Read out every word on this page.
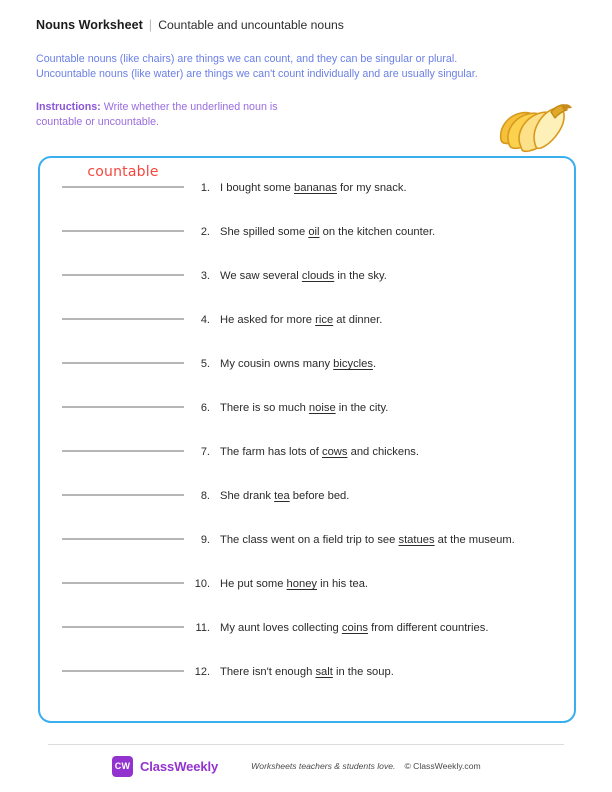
Nouns Worksheet | Countable and uncountable nouns
Countable nouns (like chairs) are things we can count, and they can be singular or plural.
Uncountable nouns (like water) are things we can't count individually and are usually singular.
Instructions: Write whether the underlined noun is
countable or uncountable.
countable
1. I bought some bananas for my snack.
2. She spilled some oil on the kitchen counter.
3. We saw several clouds in the sky.
4. He asked for more rice at dinner.
5. My cousin owns many bicycles.
6. There is so much noise in the city.
7. The farm has lots of cows and chickens.
8. She drank tea before bed.
9. The class went on a field trip to see statues at the museum.
10. He put some honey in his tea.
11. My aunt loves collecting coins from different countries.
12. There isn't enough salt in the soup.
CW ClassWeekly	Worksheets teachers & students love. © ClassWeekly.com
